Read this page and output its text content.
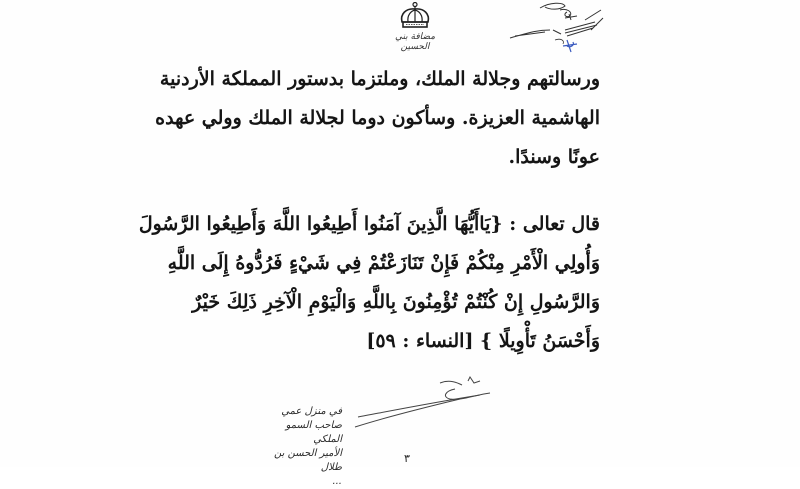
مضافة بني الحسين
ورسالتهم وجلالة الملك، وملتزما بدستور المملكة الأردنية
الهاشمية العزيزة. وسأكون دوما لجلالة الملك وولي عهده
عونًا وسندًا.
قال تعالى : {يَاأَيُّهَا الَّذِينَ آمَنُوا أَطِيعُوا اللَّهَ وَأَطِيعُوا الرَّسُولَ
وَأُولِي الْأَمْرِ مِنْكُمْ فَإِنْ تَنَازَعْتُمْ فِي شَيْءٍ فَرُدُّوهُ إِلَى اللَّهِ
وَالرَّسُولِ إِنْ كُنْتُمْ تُؤْمِنُونَ بِاللَّهِ وَالْيَوْمِ الْآخِرِ ذَلِكَ خَيْرٌ
وَأَحْسَنُ تَأْوِيلًا } [النساء : ٥٩]
في منزل عمي
صاحب السمو الملكي
الأمير الحسن بن طلال
...
٣
